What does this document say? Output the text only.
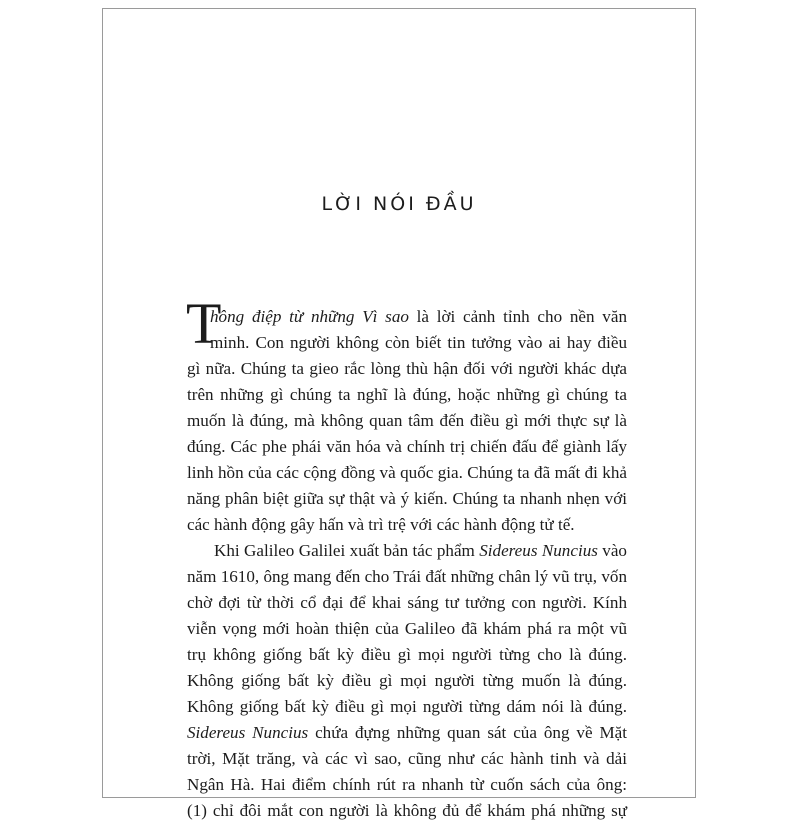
LỜI NÓI ĐẦU
T
hông điệp từ những Vì sao là lời cảnh tỉnh cho nền văn
minh. Con người không còn biết tin tưởng vào ai hay điều
gì nữa. Chúng ta gieo rắc lòng thù hận đối với người khác dựa
trên những gì chúng ta nghĩ là đúng, hoặc những gì chúng ta
muốn là đúng, mà không quan tâm đến điều gì mới thực sự là
đúng. Các phe phái văn hóa và chính trị chiến đấu để giành lấy
linh hồn của các cộng đồng và quốc gia. Chúng ta đã mất đi khả
năng phân biệt giữa sự thật và ý kiến. Chúng ta nhanh nhẹn với
các hành động gây hấn và trì trệ với các hành động tử tế.
Khi Galileo Galilei xuất bản tác phẩm Sidereus Nuncius vào
năm 1610, ông mang đến cho Trái đất những chân lý vũ trụ, vốn
chờ đợi từ thời cổ đại để khai sáng tư tưởng con người. Kính
viễn vọng mới hoàn thiện của Galileo đã khám phá ra một vũ
trụ không giống bất kỳ điều gì mọi người từng cho là đúng.
Không giống bất kỳ điều gì mọi người từng muốn là đúng.
Không giống bất kỳ điều gì mọi người từng dám nói là đúng.
Sidereus Nuncius chứa đựng những quan sát của ông về Mặt
trời, Mặt trăng, và các vì sao, cũng như các hành tinh và dải
Ngân Hà. Hai điểm chính rút ra nhanh từ cuốn sách của ông:
(1) chỉ đôi mắt con người là không đủ để khám phá những sự
